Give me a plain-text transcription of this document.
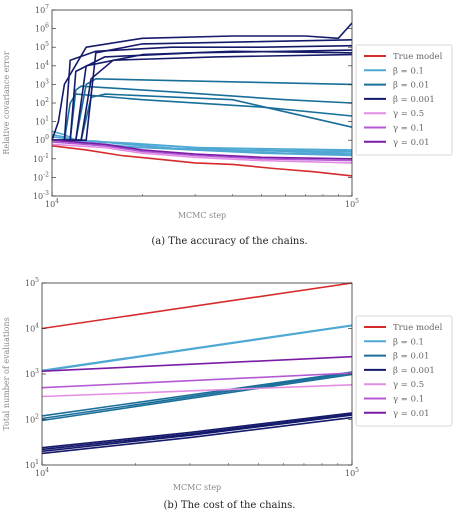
$10^{-3}$
$10^{-2}$
$10^{-1}$
$10^0$
$10^1$
$10^2$
$10^3$
$10^4$
$10^5$
$10^6$
$10^7$
$10^4$	$10^5$
MCMC step
Relative covariance error	True model
β = 0.1
β = 0.01
β = 0.001
γ = 0.5
γ = 0.1
γ = 0.01
$10^1$
$10^2$
$10^3$
$10^4$
$10^5$
$10^4$	$10^5$
MCMC step
Total number of evaluations	True model
β = 0.1
β = 0.01
β = 0.001
γ = 0.5
γ = 0.1
γ = 0.01
(a) The accuracy of the chains.
(b) The cost of the chains.
